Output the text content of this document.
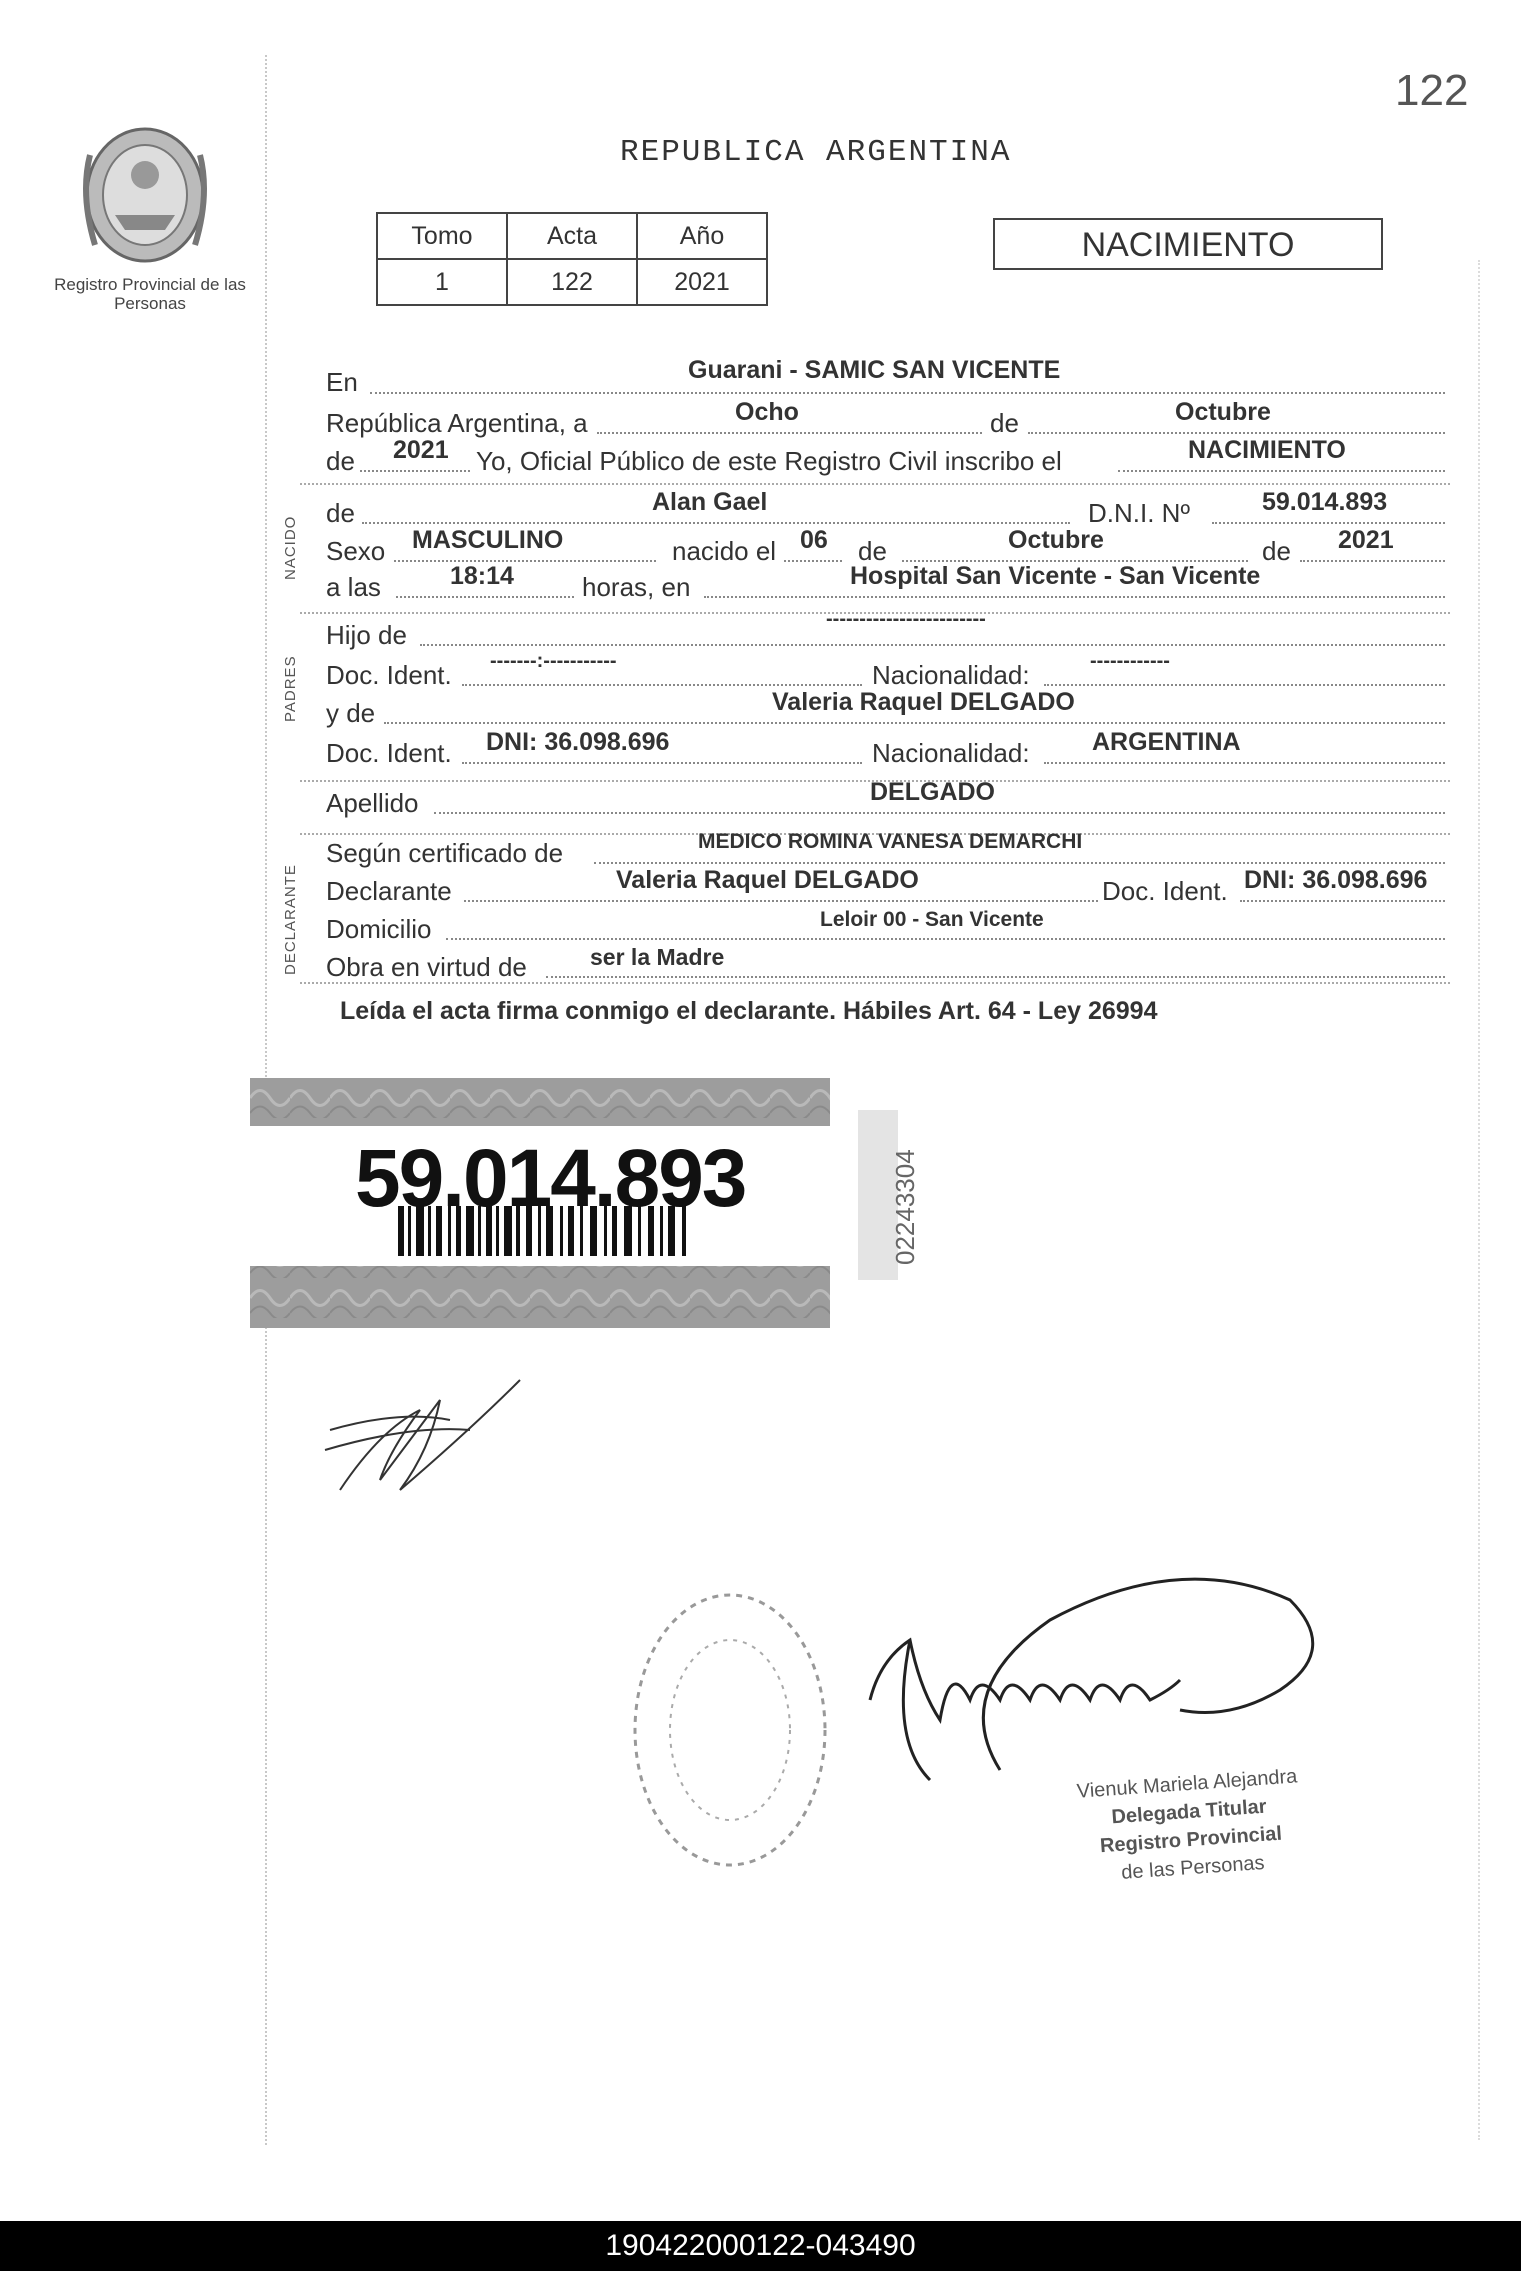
122
Registro Provincial de las Personas
REPUBLICA ARGENTINA
Tomo	Acta	Año
1	122	2021
NACIMIENTO
NACIDO
PADRES
DECLARANTE
En	Guarani - SAMIC SAN VICENTE
República Argentina, a	Ocho	de	Octubre
de 2021 Yo, Oficial Público de este Registro Civil inscribo el	NACIMIENTO
de	Alan Gael	D.N.I. Nº	59.014.893
Sexo MASCULINO	nacido el 06 de	Octubre	de 2021
a las	18:14	horas, en	Hospital San Vicente - San Vicente
Hijo de
------------------------
Doc. Ident. -------:-----------	Nacionalidad:	------------
y de	Valeria Raquel DELGADO
Doc. Ident. DNI: 36.098.696	Nacionalidad: ARGENTINA
Apellido	DELGADO
Según certificado de	MEDICO ROMINA VANESA DEMARCHI
Declarante	Valeria Raquel DELGADO	Doc. Ident. DNI: 36.098.696
Domicilio	Leloir 00 - San Vicente
Obra en virtud de	ser la Madre
Leída el acta firma conmigo el declarante. Hábiles Art. 64 - Ley 26994
59.014.893	02243304
Vienuk Mariela Alejandra
Delegada Titular
Registro Provincial
de las Personas
190422000122-043490
